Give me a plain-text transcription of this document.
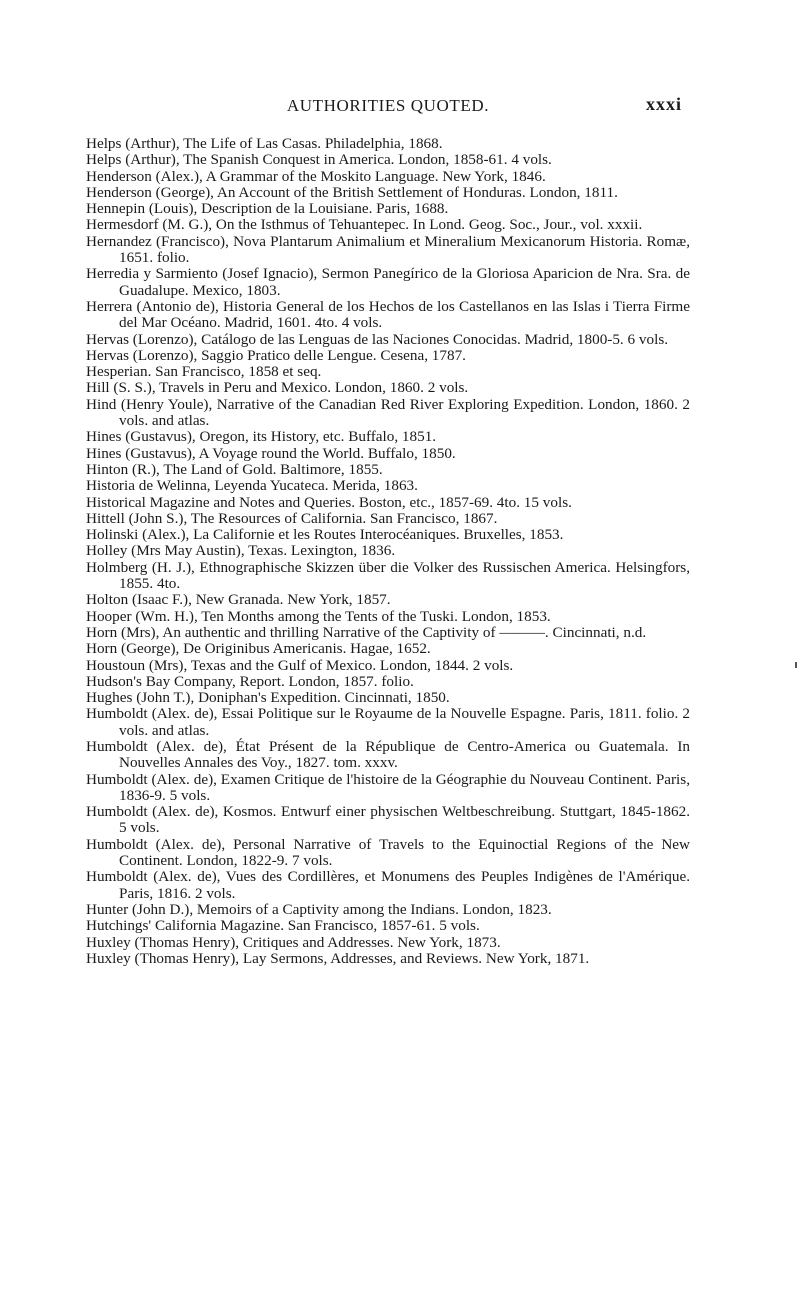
AUTHORITIES QUOTED.	xxxi

Helps (Arthur), The Life of Las Casas. Philadelphia, 1868.

Helps (Arthur), The Spanish Conquest in America. London, 1858-61. 4 vols.

Henderson (Alex.), A Grammar of the Moskito Language. New York, 1846.

Henderson (George), An Account of the British Settlement of Honduras. London, 1811.

Hennepin (Louis), Description de la Louisiane. Paris, 1688.

Hermesdorf (M. G.), On the Isthmus of Tehuantepec. In Lond. Geog. Soc., Jour., vol. xxxii.

Hernandez (Francisco), Nova Plantarum Animalium et Mineralium Mexicanorum Historia. Romæ, 1651. folio.

Herredia y Sarmiento (Josef Ignacio), Sermon Panegírico de la Gloriosa Aparicion de Nra. Sra. de Guadalupe. Mexico, 1803.

Herrera (Antonio de), Historia General de los Hechos de los Castellanos en las Islas i Tierra Firme del Mar Océano. Madrid, 1601. 4to. 4 vols.

Hervas (Lorenzo), Catálogo de las Lenguas de las Naciones Conocidas. Madrid, 1800-5. 6 vols.

Hervas (Lorenzo), Saggio Pratico delle Lengue. Cesena, 1787.

Hesperian. San Francisco, 1858 et seq.

Hill (S. S.), Travels in Peru and Mexico. London, 1860. 2 vols.

Hind (Henry Youle), Narrative of the Canadian Red River Exploring Expedition. London, 1860. 2 vols. and atlas.

Hines (Gustavus), Oregon, its History, etc. Buffalo, 1851.

Hines (Gustavus), A Voyage round the World. Buffalo, 1850.

Hinton (R.), The Land of Gold. Baltimore, 1855.

Historia de Welinna, Leyenda Yucateca. Merida, 1863.

Historical Magazine and Notes and Queries. Boston, etc., 1857-69. 4to. 15 vols.

Hittell (John S.), The Resources of California. San Francisco, 1867.

Holinski (Alex.), La Californie et les Routes Interocéaniques. Bruxelles, 1853.

Holley (Mrs May Austin), Texas. Lexington, 1836.

Holmberg (H. J.), Ethnographische Skizzen über die Volker des Russischen America. Helsingfors, 1855. 4to.

Holton (Isaac F.), New Granada. New York, 1857.

Hooper (Wm. H.), Ten Months among the Tents of the Tuski. London, 1853.

Horn (Mrs), An authentic and thrilling Narrative of the Captivity of ———. Cincinnati, n.d.

Horn (George), De Originibus Americanis. Hagae, 1652.

Houstoun (Mrs), Texas and the Gulf of Mexico. London, 1844. 2 vols.

Hudson's Bay Company, Report. London, 1857. folio.

Hughes (John T.), Doniphan's Expedition. Cincinnati, 1850.

Humboldt (Alex. de), Essai Politique sur le Royaume de la Nouvelle Espagne. Paris, 1811. folio. 2 vols. and atlas.

Humboldt (Alex. de), État Présent de la République de Centro-America ou Guatemala. In Nouvelles Annales des Voy., 1827. tom. xxxv.

Humboldt (Alex. de), Examen Critique de l'histoire de la Géographie du Nouveau Continent. Paris, 1836-9. 5 vols.

Humboldt (Alex. de), Kosmos. Entwurf einer physischen Weltbeschreibung. Stuttgart, 1845-1862. 5 vols.

Humboldt (Alex. de), Personal Narrative of Travels to the Equinoctial Regions of the New Continent. London, 1822-9. 7 vols.

Humboldt (Alex. de), Vues des Cordillères, et Monumens des Peuples Indigènes de l'Amérique. Paris, 1816. 2 vols.

Hunter (John D.), Memoirs of a Captivity among the Indians. London, 1823.

Hutchings' California Magazine. San Francisco, 1857-61. 5 vols.

Huxley (Thomas Henry), Critiques and Addresses. New York, 1873.

Huxley (Thomas Henry), Lay Sermons, Addresses, and Reviews. New York, 1871.
